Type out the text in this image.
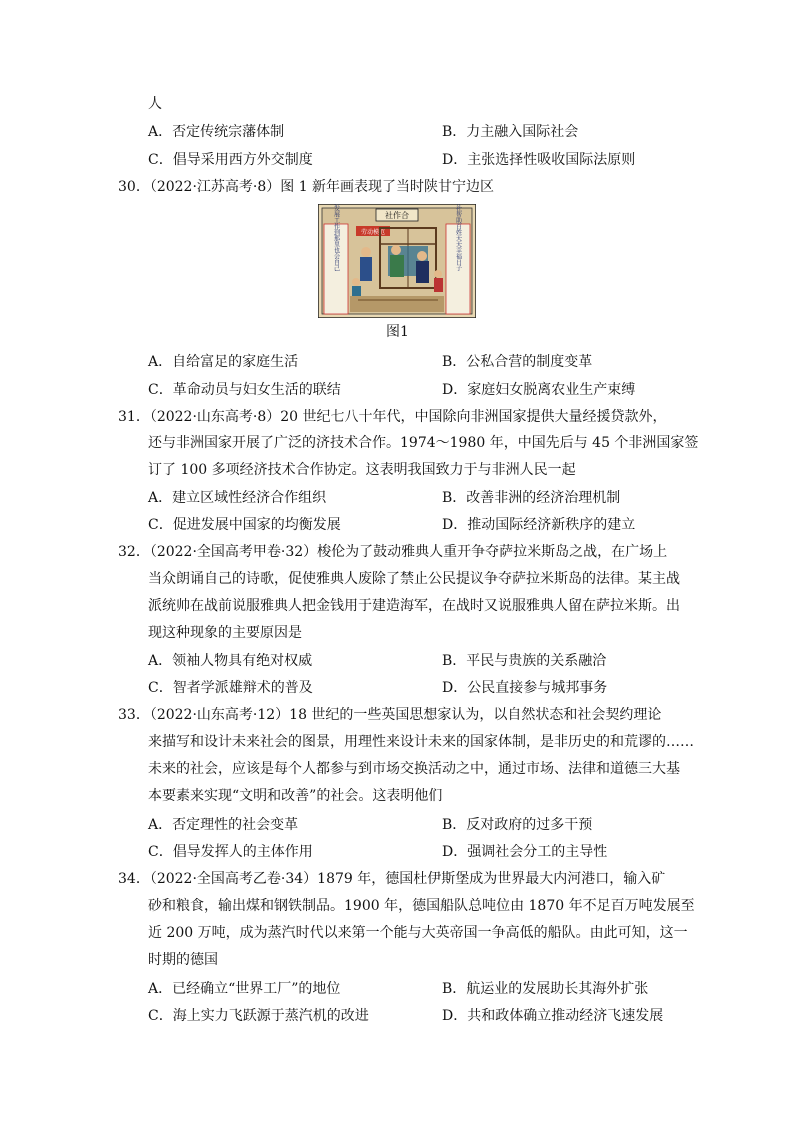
人
A．否定传统宗藩体制	B．力主融入国际社会
C．倡导采用西方外交制度	D．主张选择性吸收国际法原则
30．（2022·江苏高考·8）图 1 新年画表现了当时陕甘宁边区
社作合
妇女发展工作到那里也会自己	合作社帮助百姓天天幸福日子
劳动模范
图1
A．自给富足的家庭生活	B．公私合营的制度变革
C．革命动员与妇女生活的联结	D．家庭妇女脱离农业生产束缚
31．（2022·山东高考·8）20 世纪七八十年代，中国除向非洲国家提供大量经援贷款外，
还与非洲国家开展了广泛的济技术合作。1974～1980 年，中国先后与 45 个非洲国家签
订了 100 多项经济技术合作协定。这表明我国致力于与非洲人民一起
A．建立区域性经济合作组织	B．改善非洲的经济治理机制
C．促进发展中国家的均衡发展	D．推动国际经济新秩序的建立
32．（2022·全国高考甲卷·32）梭伦为了鼓动雅典人重开争夺萨拉米斯岛之战，在广场上
当众朗诵自己的诗歌，促使雅典人废除了禁止公民提议争夺萨拉米斯岛的法律。某主战
派统帅在战前说服雅典人把金钱用于建造海军，在战时又说服雅典人留在萨拉米斯。出
现这种现象的主要原因是
A．领袖人物具有绝对权威	B．平民与贵族的关系融洽
C．智者学派雄辩术的普及	D．公民直接参与城邦事务
33．（2022·山东高考·12）18 世纪的一些英国思想家认为，以自然状态和社会契约理论
来描写和设计未来社会的图景，用理性来设计未来的国家体制，是非历史的和荒谬的……
未来的社会，应该是每个人都参与到市场交换活动之中，通过市场、法律和道德三大基
本要素来实现“文明和改善”的社会。这表明他们
A．否定理性的社会变革	B．反对政府的过多干预
C．倡导发挥人的主体作用	D．强调社会分工的主导性
34．（2022·全国高考乙卷·34）1879 年，德国杜伊斯堡成为世界最大内河港口，输入矿
砂和粮食，输出煤和钢铁制品。1900 年，德国船队总吨位由 1870 年不足百万吨发展至
近 200 万吨，成为蒸汽时代以来第一个能与大英帝国一争高低的船队。由此可知，这一
时期的德国
A．已经确立“世界工厂”的地位	B．航运业的发展助长其海外扩张
C．海上实力飞跃源于蒸汽机的改进	D．共和政体确立推动经济飞速发展
